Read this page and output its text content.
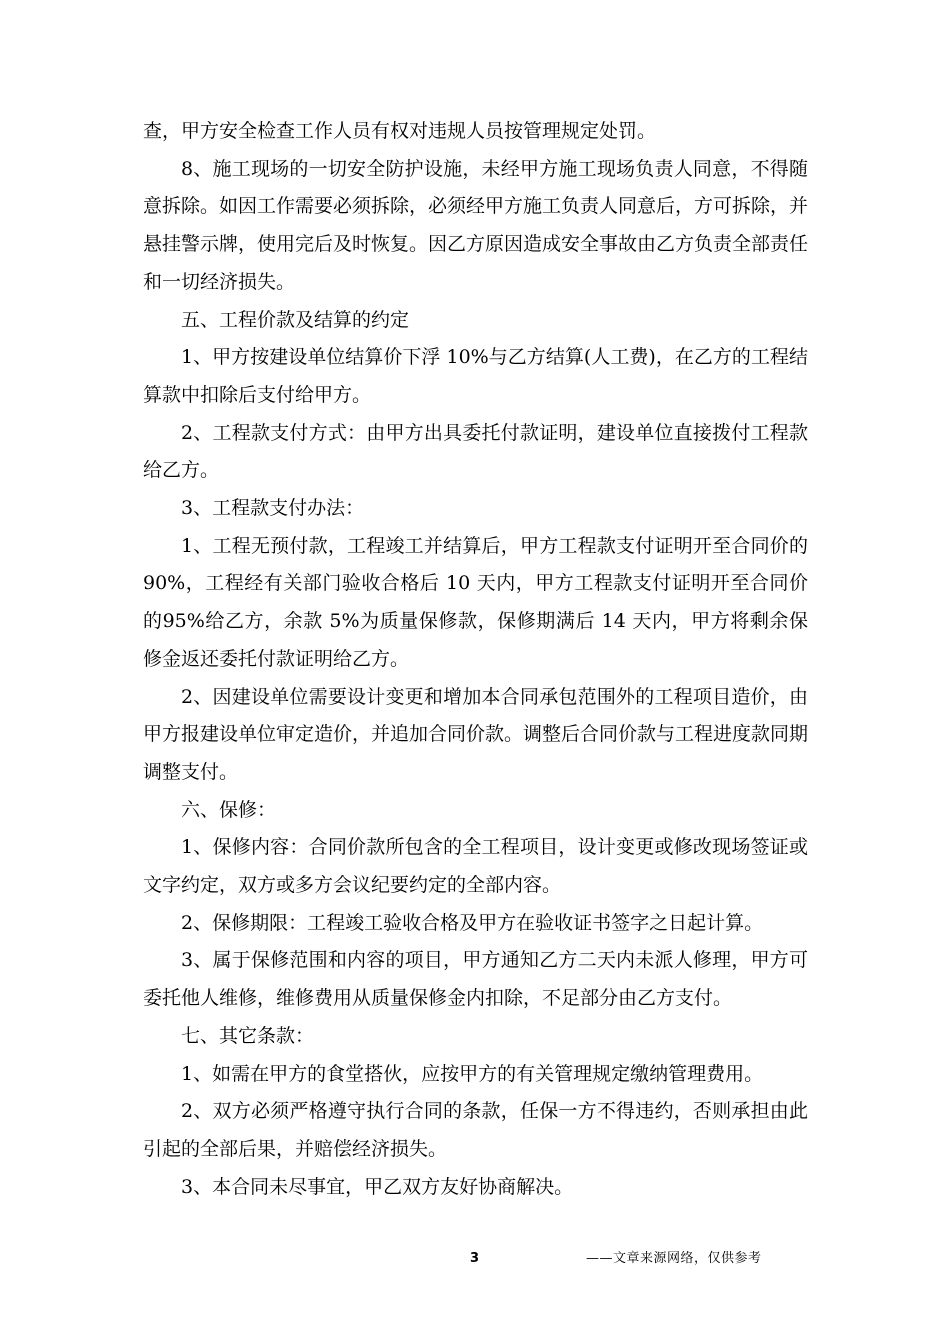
查，甲方安全检查工作人员有权对违规人员按管理规定处罚。

8、施工现场的一切安全防护设施，未经甲方施工现场负责人同意，不得随意拆除。如因工作需要必须拆除，必须经甲方施工负责人同意后，方可拆除，并悬挂警示牌，使用完后及时恢复。因乙方原因造成安全事故由乙方负责全部责任和一切经济损失。

五、工程价款及结算的约定

1、甲方按建设单位结算价下浮 10%与乙方结算(人工费)，在乙方的工程结算款中扣除后支付给甲方。

2、工程款支付方式：由甲方出具委托付款证明，建设单位直接拨付工程款给乙方。

3、工程款支付办法：

1、工程无预付款，工程竣工并结算后，甲方工程款支付证明开至合同价的90%，工程经有关部门验收合格后 10 天内，甲方工程款支付证明开至合同价的95%给乙方，余款 5%为质量保修款，保修期满后 14 天内，甲方将剩余保修金返还委托付款证明给乙方。

2、因建设单位需要设计变更和增加本合同承包范围外的工程项目造价，由甲方报建设单位审定造价，并追加合同价款。调整后合同价款与工程进度款同期调整支付。

六、保修：

1、保修内容：合同价款所包含的全工程项目，设计变更或修改现场签证或文字约定，双方或多方会议纪要约定的全部内容。

2、保修期限：工程竣工验收合格及甲方在验收证书签字之日起计算。

3、属于保修范围和内容的项目，甲方通知乙方二天内未派人修理，甲方可委托他人维修，维修费用从质量保修金内扣除，不足部分由乙方支付。

七、其它条款：

1、如需在甲方的食堂搭伙，应按甲方的有关管理规定缴纳管理费用。

2、双方必须严格遵守执行合同的条款，任保一方不得违约，否则承担由此引起的全部后果，并赔偿经济损失。

3、本合同未尽事宜，甲乙双方友好协商解决。

3	——文章来源网络，仅供参考
